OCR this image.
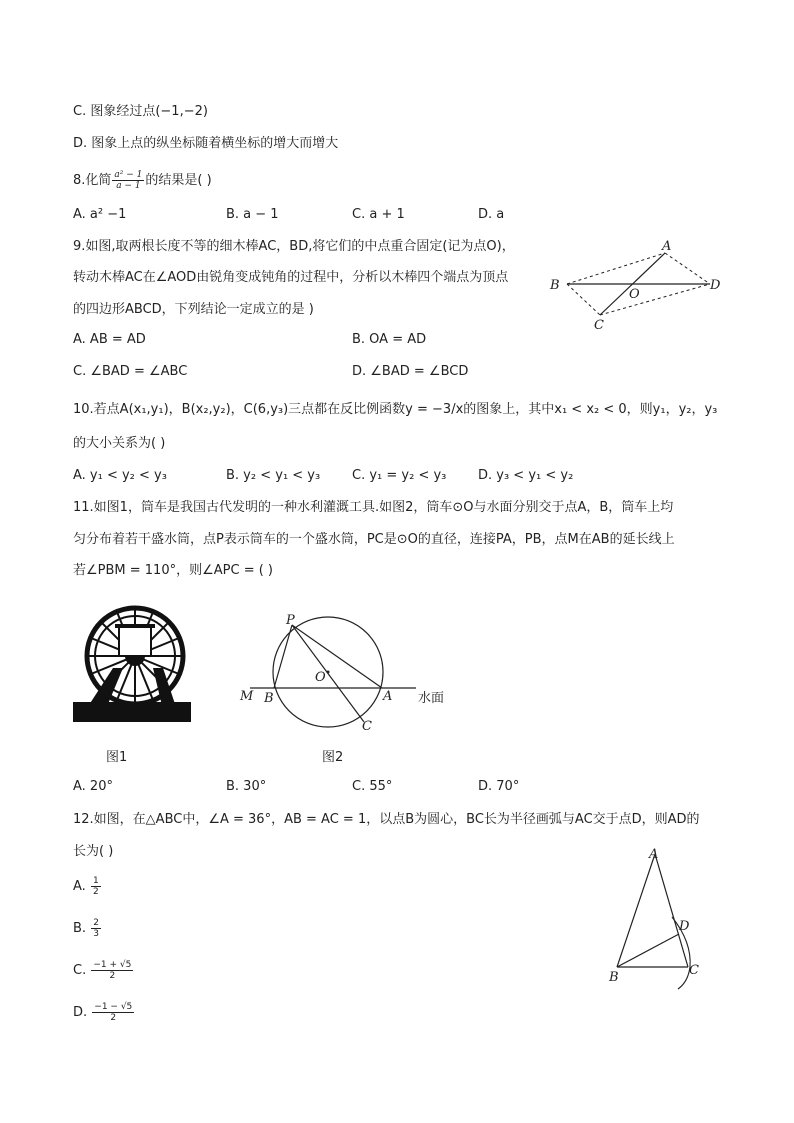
C. 图象经过点(−1,−2)
D. 图象上点的纵坐标随着横坐标的增大而增大
8.化简 $\frac{\text{a² − 1}}{a - 1}$ 的结果是( )
A. a² −1	B. a − 1	C. a + 1	D. a
9.如图,取两根长度不等的细木棒AC，BD,将它们的中点重合固定(记为点O)，
转动木棒AC在∠AOD由锐角变成钝角的过程中，分析以木棒四个端点为顶点
的四边形ABCD，下列结论一定成立的是 )
A
B
C
D
O
A. AB = AD	B. OA = AD
C. ∠BAD = ∠ABC	D. ∠BAD = ∠BCD
10.若点A(x₁,y₁)，B(x₂,y₂)，C(6,y₃)三点都在反比例函数y = −3/x的图象上，其中x₁ < x₂ < 0，则y₁，y₂，y₃
的大小关系为( )
A. y₁ < y₂ < y₃	B. y₂ < y₁ < y₃ C. y₁ = y₂ < y₃ D. y₃ < y₁ < y₂
11.如图1，筒车是我国古代发明的一种水利灌溉工具.如图2，筒车⊙O与水面分别交于点A，B，筒车上均
匀分布着若干盛水筒，点P表示筒车的一个盛水筒，PC是⊙O的直径，连接PA，PB，点M在AB的延长线上
若∠PBM = 110°，则∠APC = ( )
P
O
M B	A
C
水面
图1	图2
A. 20°	B. 30°	C. 55°	D. 70°
12.如图，在△ABC中，∠A = 36°，AB = AC = 1，以点B为圆心，BC长为半径画弧与AC交于点D，则AD的
长为( )
A. $\frac{1}{2}$
B. $\frac{2}{3}$
C. $\frac{-1 + √5}{2}$
D. $\frac{-1 - √5}{2}$
A
B	C
D
